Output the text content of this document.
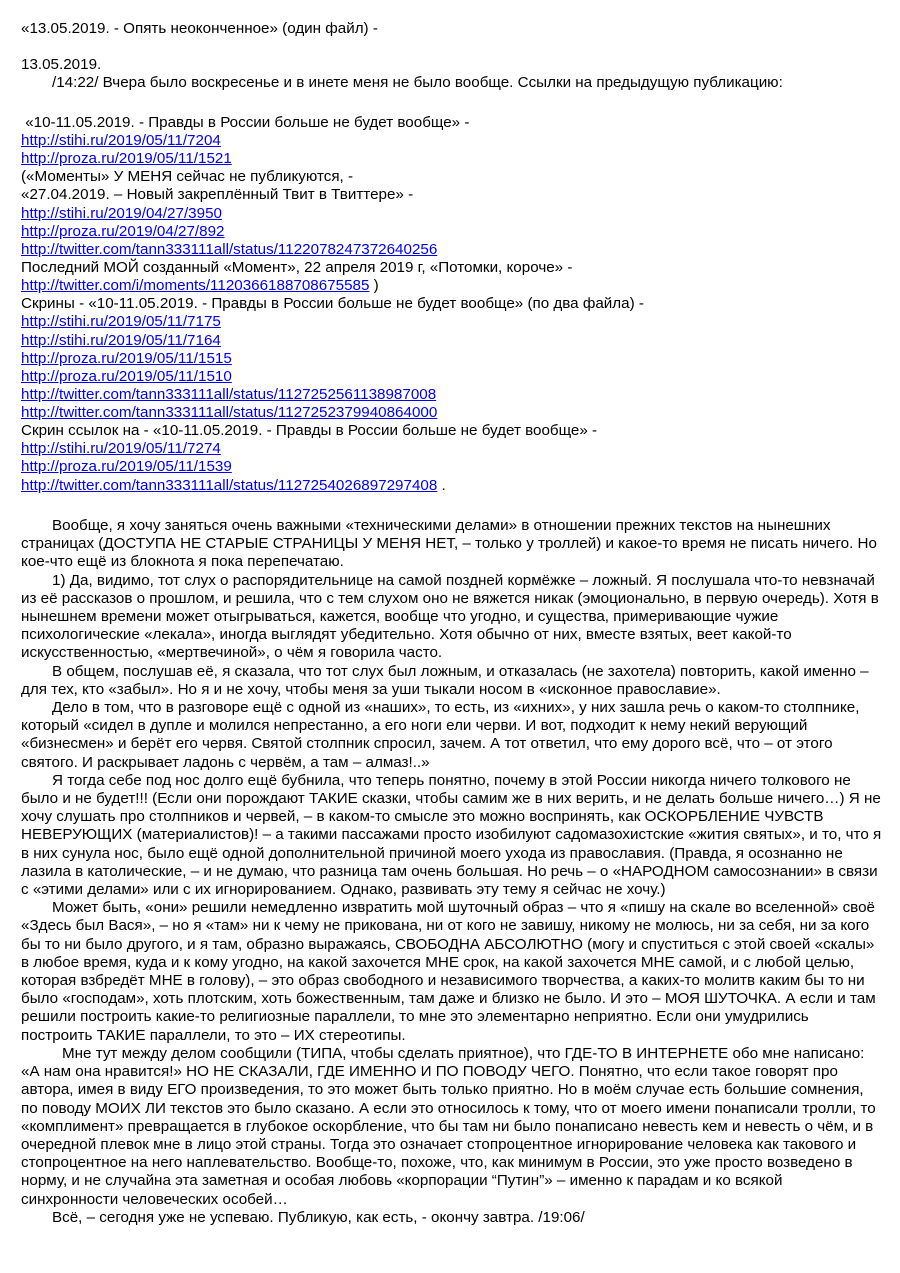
«13.05.2019. - Опять неоконченное» (один файл) -
13.05.2019.
/14:22/ Вчера было воскресенье и в инете меня не было вообще. Ссылки на предыдущую публикацию:
«10-11.05.2019. - Правды в России больше не будет вообще» -
http://stihi.ru/2019/05/11/7204
http://proza.ru/2019/05/11/1521
(«Моменты» У МЕНЯ сейчас не публикуются, -
«27.04.2019. – Новый закреплённый Твит в Твиттере» -
http://stihi.ru/2019/04/27/3950
http://proza.ru/2019/04/27/892
http://twitter.com/tann333111all/status/1122078247372640256
Последний МОЙ созданный «Момент», 22 апреля 2019 г, «Потомки, короче» -
http://twitter.com/i/moments/1120366188708675585 )
Скрины - «10-11.05.2019. - Правды в России больше не будет вообще» (по два файла) -
http://stihi.ru/2019/05/11/7175
http://stihi.ru/2019/05/11/7164
http://proza.ru/2019/05/11/1515
http://proza.ru/2019/05/11/1510
http://twitter.com/tann333111all/status/1127252561138987008
http://twitter.com/tann333111all/status/1127252379940864000
Скрин ссылок на - «10-11.05.2019. - Правды в России больше не будет вообще» -
http://stihi.ru/2019/05/11/7274
http://proza.ru/2019/05/11/1539
http://twitter.com/tann333111all/status/1127254026897297408 .

Вообще, я хочу заняться очень важными «техническими делами» в отношении прежних текстов на нынешних страницах (ДОСТУПА НЕ СТАРЫЕ СТРАНИЦЫ У МЕНЯ НЕТ, – только у троллей) и какое-то время не писать ничего. Но кое-что ещё из блокнота я пока перепечатаю.

1) Да, видимо, тот слух о распорядительнице на самой поздней кормёжке – ложный. Я послушала что-то невзначай из её рассказов о прошлом, и решила, что с тем слухом оно не вяжется никак (эмоционально, в первую очередь). Хотя в нынешнем времени может отыгрываться, кажется, вообще что угодно, и существа, примеривающие чужие психологические «лекала», иногда выглядят убедительно. Хотя обычно от них, вместе взятых, веет какой-то искусственностью, «мертвечиной», о чём я говорила часто.

В общем, послушав её, я сказала, что тот слух был ложным, и отказалась (не захотела) повторить, какой именно – для тех, кто «забыл». Но я и не хочу, чтобы меня за уши тыкали носом в «исконное православие».

Дело в том, что в разговоре ещё с одной из «наших», то есть, из «ихних», у них зашла речь о каком-то столпнике, который «сидел в дупле и молился непрестанно, а его ноги ели черви. И вот, подходит к нему некий верующий «бизнесмен» и берёт его червя. Святой столпник спросил, зачем. А тот ответил, что ему дорого всё, что – от этого святого. И раскрывает ладонь с червём, а там – алмаз!..»

Я тогда себе под нос долго ещё бубнила, что теперь понятно, почему в этой России никогда ничего толкового не было и не будет!!! (Если они порождают ТАКИЕ сказки, чтобы самим же в них верить, и не делать больше ничего…) Я не хочу слушать про столпников и червей, – в каком-то смысле это можно воспринять, как ОСКОРБЛЕНИЕ ЧУВСТВ НЕВЕРУЮЩИХ (материалистов)! – а такими пассажами просто изобилуют садомазохистские «жития святых», и то, что я в них сунула нос, было ещё одной дополнительной причиной моего ухода из православия. (Правда, я осознанно не лазила в католические, – и не думаю, что разница там очень большая. Но речь – о «НАРОДНОМ самосознании» в связи с «этими делами» или с их игнорированием. Однако, развивать эту тему я сейчас не хочу.)

Может быть, «они» решили немедленно извратить мой шуточный образ – что я «пишу на скале во вселенной» своё «Здесь был Вася», – но я «там» ни к чему не прикована, ни от кого не завишу, никому не молюсь, ни за себя, ни за кого бы то ни было другого, и я там, образно выражаясь, СВОБОДНА АБСОЛЮТНО (могу и спуститься с этой своей «скалы» в любое время, куда и к кому угодно, на какой захочется МНЕ срок, на какой захочется МНЕ самой, и с любой целью, которая взбредёт МНЕ в голову), – это образ свободного и независимого творчества, а каких-то молитв каким бы то ни было «господам», хоть плотским, хоть божественным, там даже и близко не было. И это – МОЯ ШУТОЧКА. А если и там решили построить какие-то религиозные параллели, то мне это элементарно неприятно. Если они умудрились построить ТАКИЕ параллели, то это – ИХ стереотипы.

Мне тут между делом сообщили (ТИПА, чтобы сделать приятное), что ГДЕ-ТО В ИНТЕРНЕТЕ обо мне написано: «А нам она нравится!» НО НЕ СКАЗАЛИ, ГДЕ ИМЕННО И ПО ПОВОДУ ЧЕГО. Понятно, что если такое говорят про автора, имея в виду ЕГО произведения, то это может быть только приятно. Но в моём случае есть большие сомнения, по поводу МОИХ ЛИ текстов это было сказано. А если это относилось к тому, что от моего имени понаписали тролли, то «комплимент» превращается в глубокое оскорбление, что бы там ни было понаписано невесть кем и невесть о чём, и в очередной плевок мне в лицо этой страны. Тогда это означает стопроцентное игнорирование человека как такового и стопроцентное на него наплевательство. Вообще-то, похоже, что, как минимум в России, это уже просто возведено в норму, и не случайна эта заметная и особая любовь «корпорации “Путин”» – именно к парадам и ко всякой синхронности человеческих особей…

Всё, – сегодня уже не успеваю. Публикую, как есть, - окончу завтра. /19:06/
